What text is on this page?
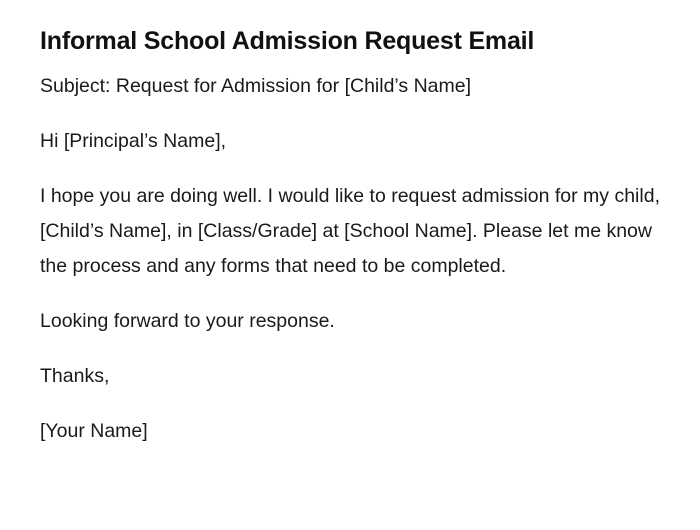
Informal School Admission Request Email

Subject: Request for Admission for [Child’s Name]

Hi [Principal’s Name],

I hope you are doing well. I would like to request admission for my child, [Child’s Name], in [Class/Grade] at [School Name]. Please let me know the process and any forms that need to be completed.

Looking forward to your response.

Thanks,

[Your Name]
